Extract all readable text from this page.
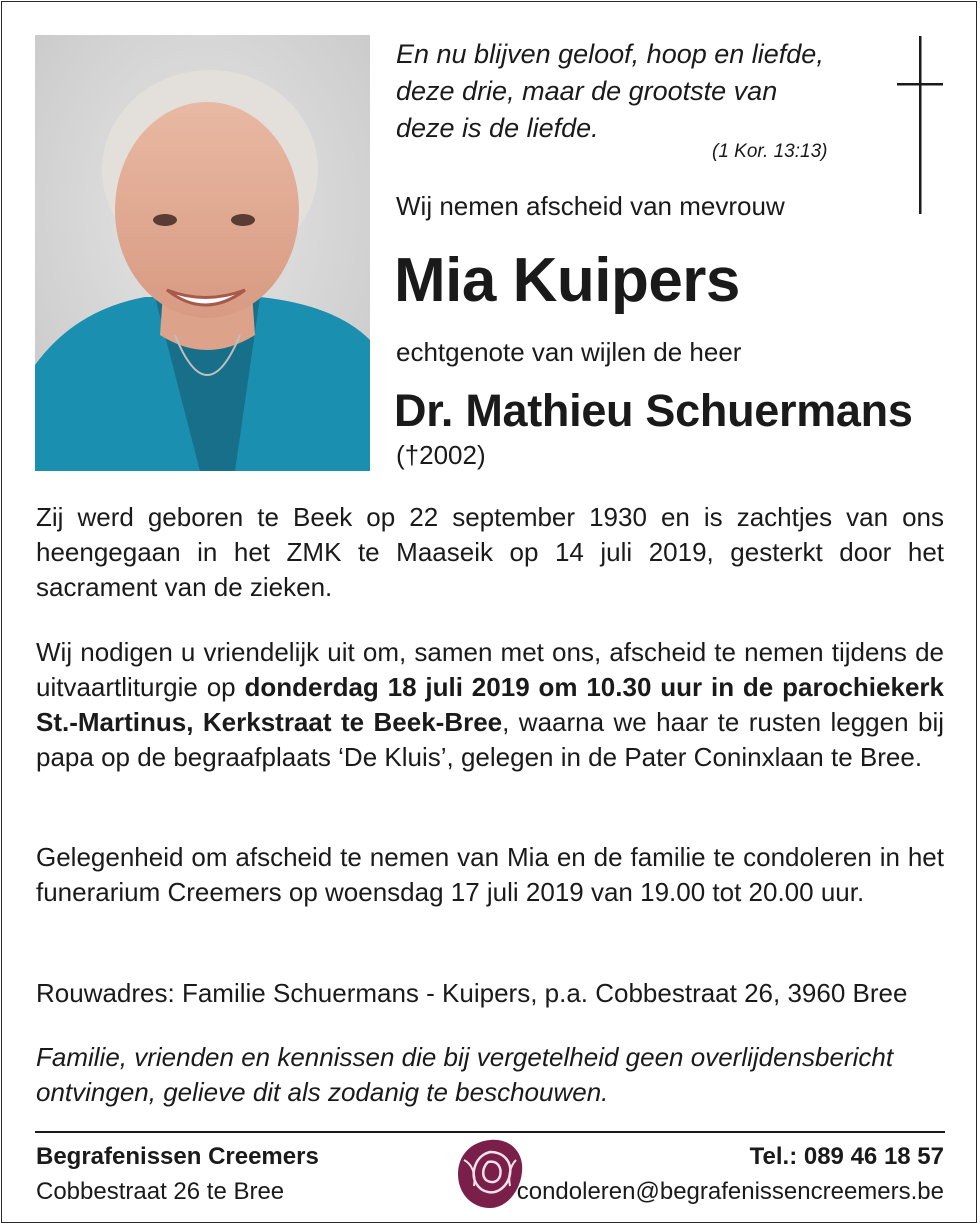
En nu blijven geloof, hoop en liefde,
deze drie, maar de grootste van
deze is de liefde.
(1 Kor. 13:13)
Wij nemen afscheid van mevrouw
Mia Kuipers
echtgenote van wijlen de heer
Dr. Mathieu Schuermans
(†2002)
Zij werd geboren te Beek op 22 september 1930 en is zachtjes van ons heengegaan in het ZMK te Maaseik op 14 juli 2019, gesterkt door het sacrament van de zieken.
Wij nodigen u vriendelijk uit om, samen met ons, afscheid te nemen tijdens de uitvaartliturgie op donderdag 18 juli 2019 om 10.30 uur in de parochiekerk St.-Martinus, Kerkstraat te Beek-Bree, waarna we haar te rusten leggen bij papa op de begraafplaats ‘De Kluis’, gelegen in de Pater Coninxlaan te Bree.
Gelegenheid om afscheid te nemen van Mia en de familie te condoleren in het funerarium Creemers op woensdag 17 juli 2019 van 19.00 tot 20.00 uur.
Rouwadres: Familie Schuermans - Kuipers, p.a. Cobbestraat 26, 3960 Bree
Familie, vrienden en kennissen die bij vergetelheid geen overlijdensbericht ontvingen, gelieve dit als zodanig te beschouwen.
Begrafenissen Creemers
Cobbestraat 26 te Bree
Tel.: 089 46 18 57
condoleren@begrafenissencreemers.be
